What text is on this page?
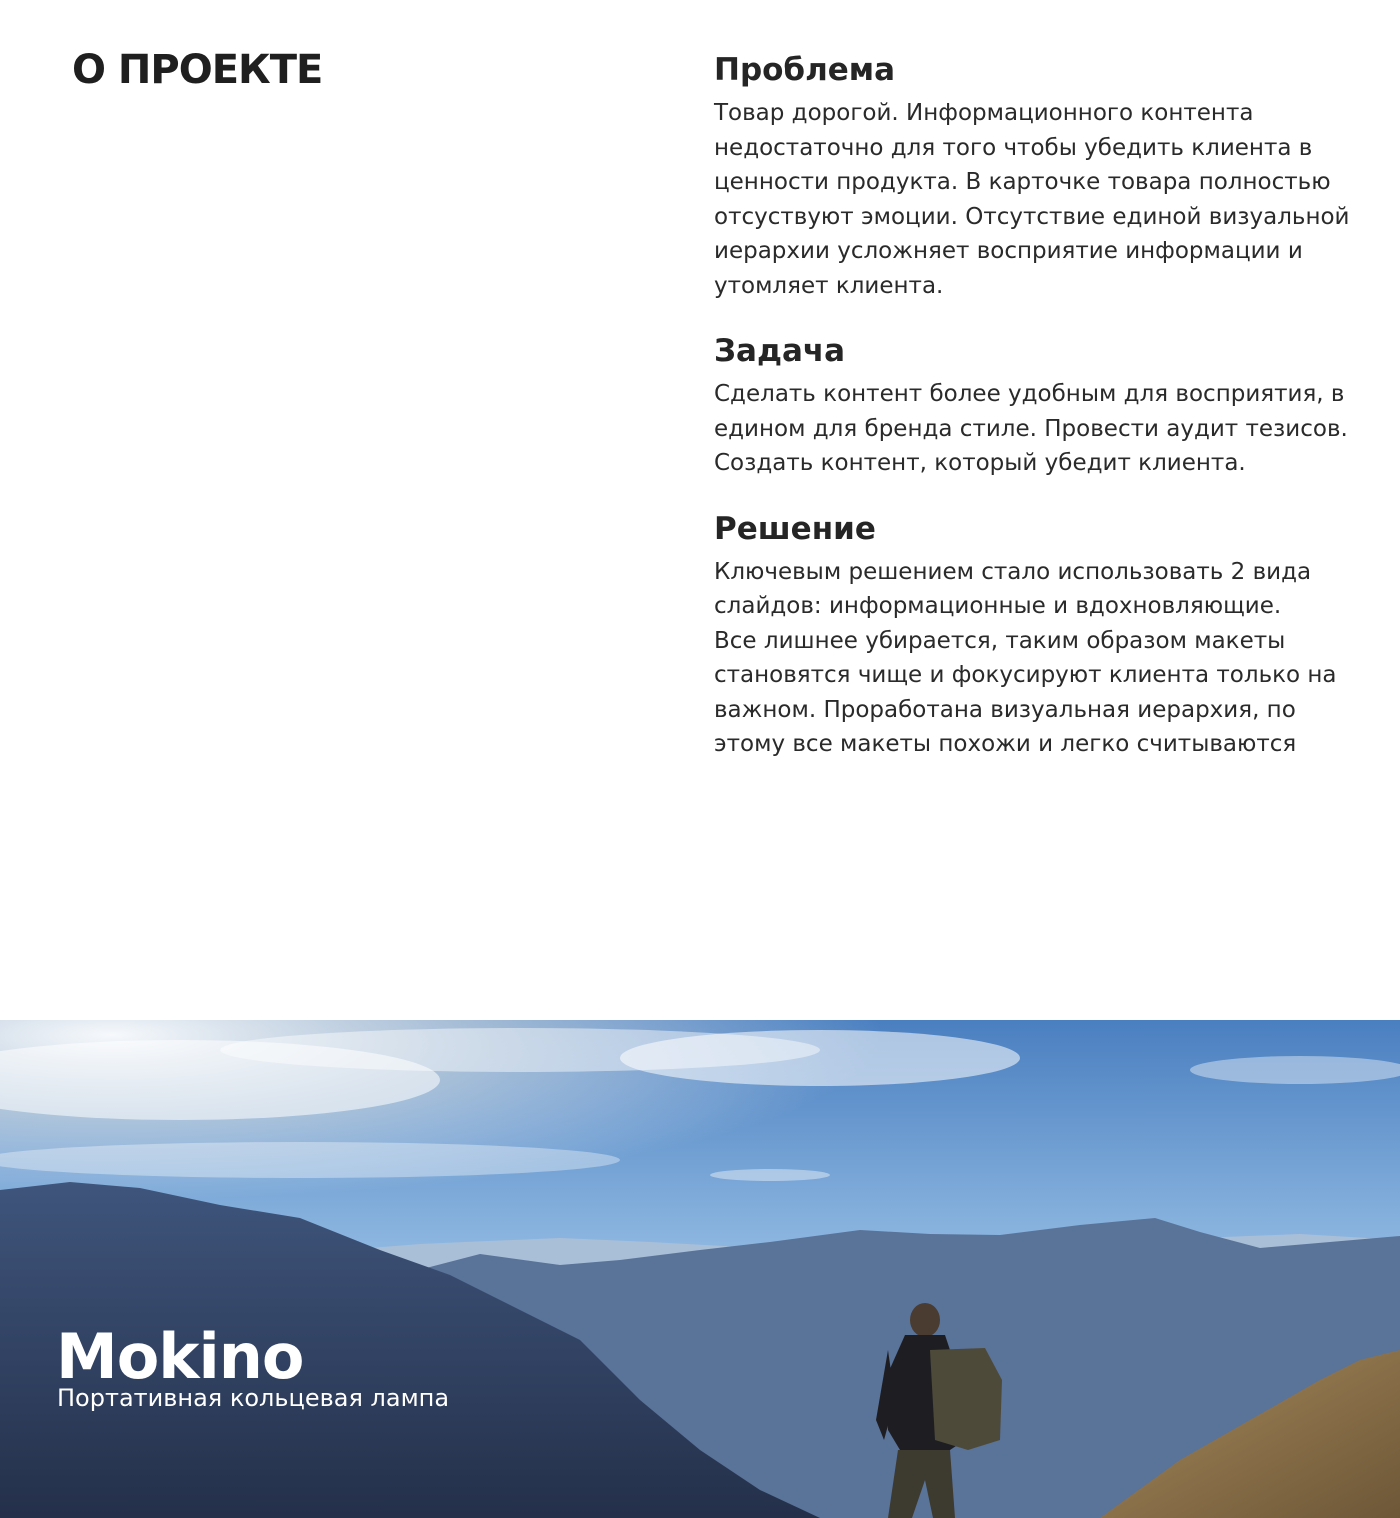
О ПРОЕКТЕ	Проблема

Товар дорогой. Информационного контента недостаточно для того чтобы убедить клиента в ценности продукта. В карточке товара полностью отсуствуют эмоции. Отсутствие единой визуальной иерархии усложняет восприятие информации и утомляет клиента.

Задача

Сделать контент более удобным для восприятия, в едином для бренда стиле. Провести аудит тезисов. Создать контент, который убедит клиента.

Решение

Ключевым решением стало использовать 2 вида слайдов: информационные и вдохновляющие.

Все лишнее убирается, таким образом макеты становятся чище и фокусируют клиента только на важном. Проработана визуальная иерархия, по этому все макеты похожи и легко считываются

Mokino

Портативная кольцевая лампа
